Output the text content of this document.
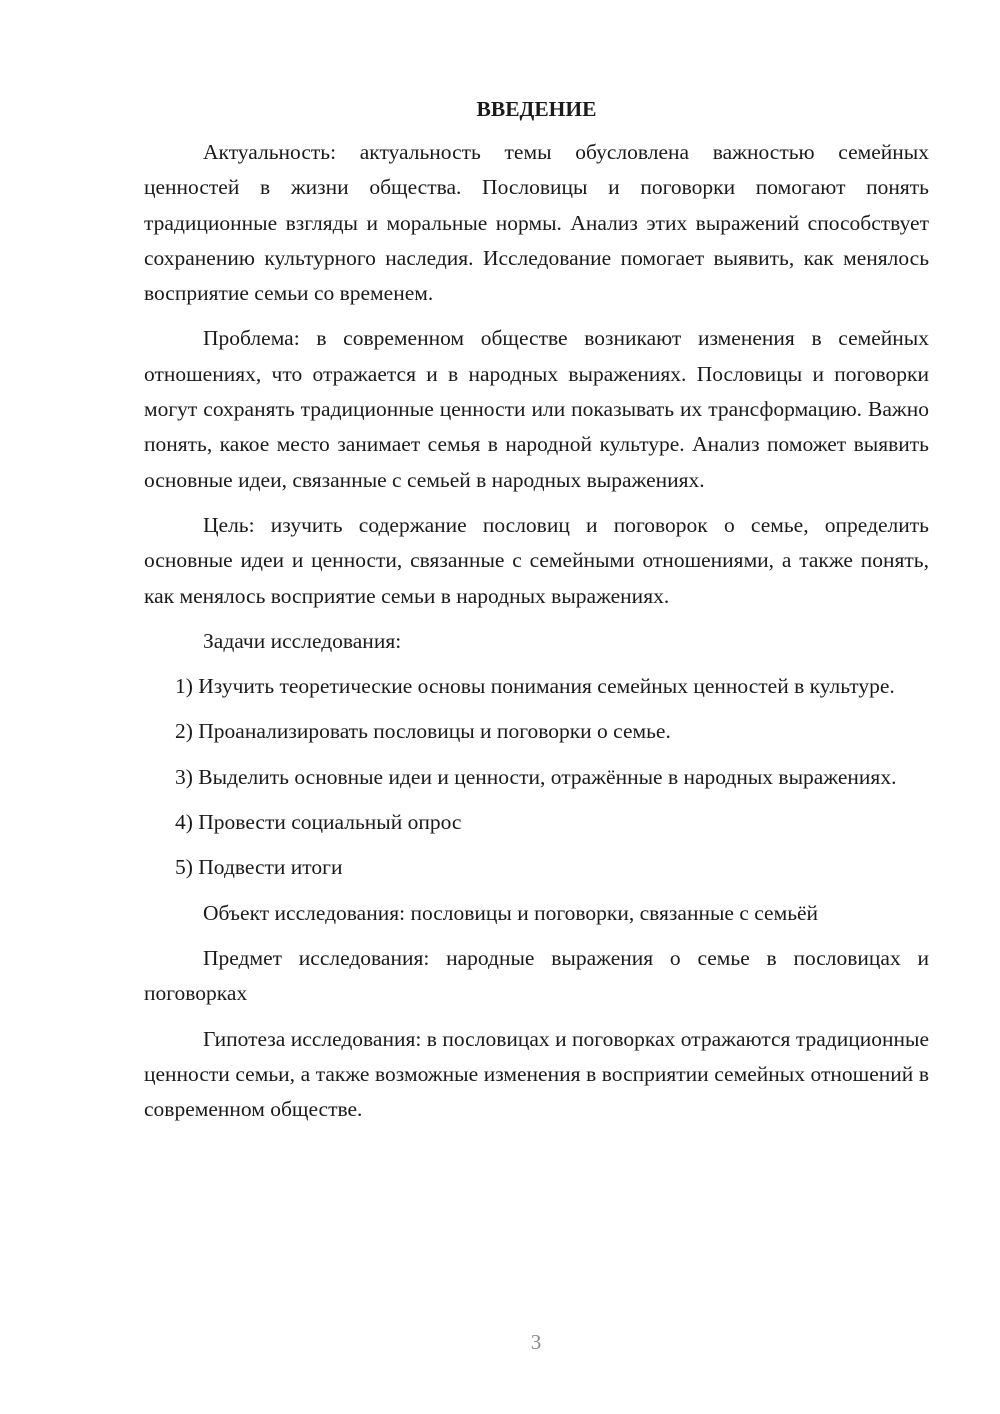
ВВЕДЕНИЕ

Актуальность: актуальность темы обусловлена важностью семейных ценностей в жизни общества. Пословицы и поговорки помогают понять традиционные взгляды и моральные нормы. Анализ этих выражений способствует сохранению культурного наследия. Исследование помогает выявить, как менялось восприятие семьи со временем.

Проблема: в современном обществе возникают изменения в семейных отношениях, что отражается и в народных выражениях. Пословицы и поговорки могут сохранять традиционные ценности или показывать их трансформацию. Важно понять, какое место занимает семья в народной культуре. Анализ поможет выявить основные идеи, связанные с семьей в народных выражениях.

Цель: изучить содержание пословиц и поговорок о семье, определить основные идеи и ценности, связанные с семейными отношениями, а также понять, как менялось восприятие семьи в народных выражениях.

Задачи исследования:

1) Изучить теоретические основы понимания семейных ценностей в культуре.

2) Проанализировать пословицы и поговорки о семье.

3) Выделить основные идеи и ценности, отражённые в народных выражениях.

4) Провести социальный опрос

5) Подвести итоги

Объект исследования: пословицы и поговорки, связанные с семьёй

Предмет исследования: народные выражения о семье в пословицах и поговорках

Гипотеза исследования: в пословицах и поговорках отражаются традиционные ценности семьи, а также возможные изменения в восприятии семейных отношений в современном обществе.

3
